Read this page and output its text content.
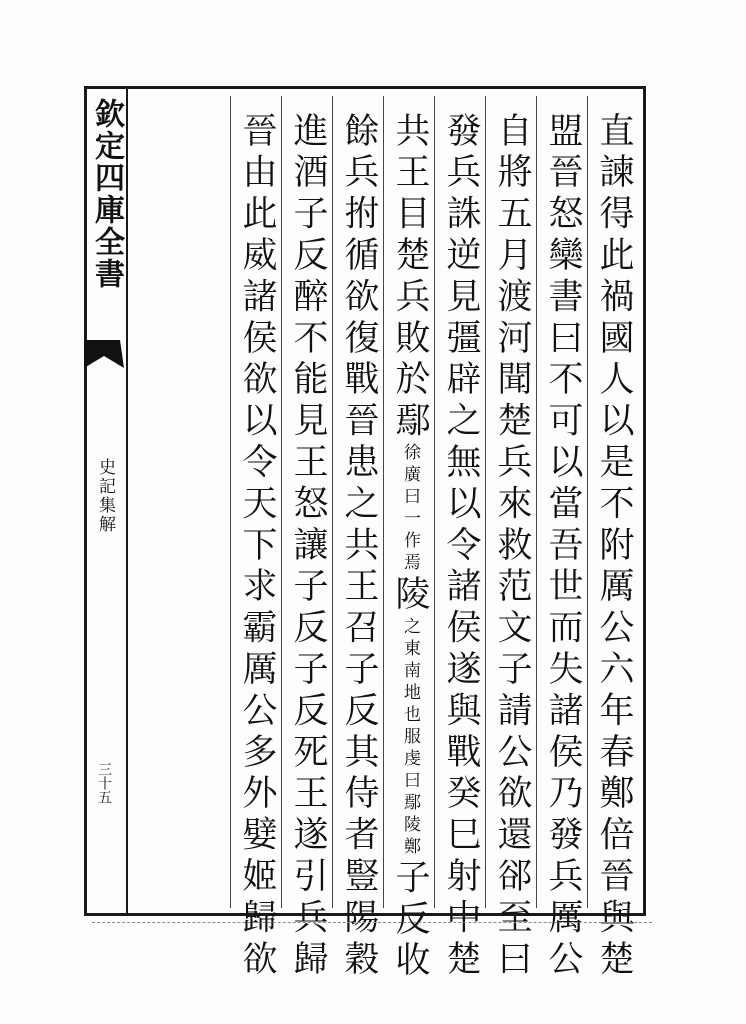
欽定四庫全書
史記集解
三十五	直諫得此禍國人以是不附厲公六年春鄭倍晉與楚
盟晉怒欒書曰不可以當吾世而失諸侯乃發兵厲公
自將五月渡河聞楚兵來救范文子請公欲還郤至曰
發兵誅逆見彊辟之無以令諸侯遂與戰癸巳射中楚
共王目楚兵敗於鄢徐廣曰一作焉陵
服虔曰鄢陵鄭
之東南地也
子反收
餘兵拊循欲復戰晉患之共王召子反其侍者豎陽穀
進酒子反醉不能見王怒讓子反子反死王遂引兵歸
晉由此威諸侯欲以令天下求霸厲公多外嬖姬歸欲
